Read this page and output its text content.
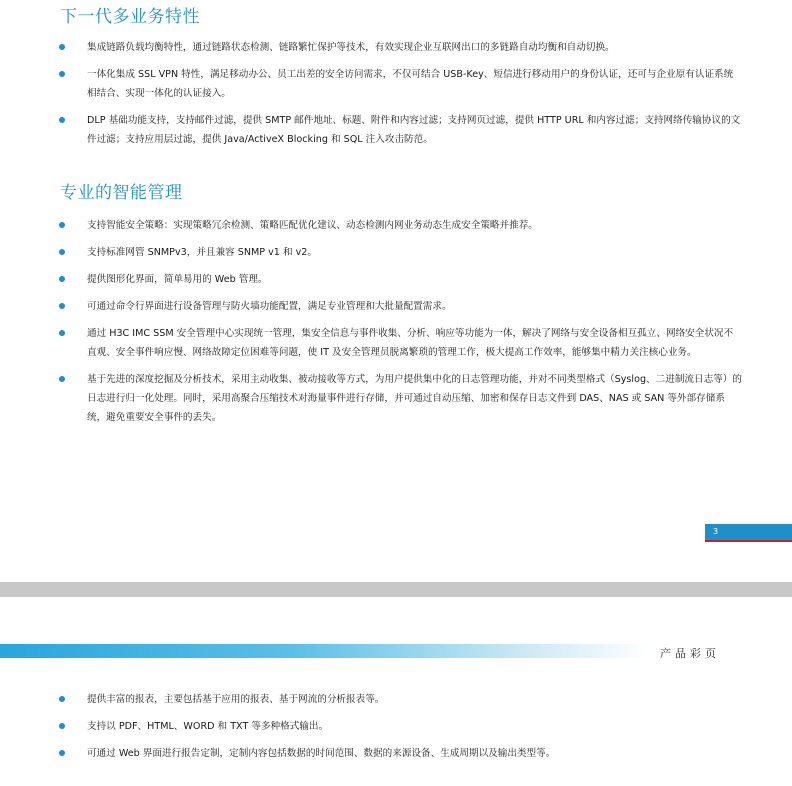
下一代多业务特性
集成链路负载均衡特性，通过链路状态检测、链路繁忙保护等技术，有效实现企业互联网出口的多链路自动均衡和自动切换。
一体化集成 SSL VPN 特性，满足移动办公、员工出差的安全访问需求，不仅可结合 USB-Key、短信进行移动用户的身份认证，还可与企业原有认证系统相结合、实现一体化的认证接入。
DLP 基础功能支持，支持邮件过滤，提供 SMTP 邮件地址、标题、附件和内容过滤；支持网页过滤，提供 HTTP URL 和内容过滤；支持网络传输协议的文件过滤；支持应用层过滤，提供 Java/ActiveX Blocking 和 SQL 注入攻击防范。
专业的智能管理
支持智能安全策略：实现策略冗余检测、策略匹配优化建议、动态检测内网业务动态生成安全策略并推荐。
支持标准网管 SNMPv3，并且兼容 SNMP v1 和 v2。
提供图形化界面，简单易用的 Web 管理。
可通过命令行界面进行设备管理与防火墙功能配置，满足专业管理和大批量配置需求。
通过 H3C IMC SSM 安全管理中心实现统一管理，集安全信息与事件收集、分析、响应等功能为一体，解决了网络与安全设备相互孤立、网络安全状况不直观、安全事件响应慢、网络故障定位困难等问题，使 IT 及安全管理员脱离繁琐的管理工作，极大提高工作效率，能够集中精力关注核心业务。
基于先进的深度挖掘及分析技术，采用主动收集、被动接收等方式，为用户提供集中化的日志管理功能，并对不同类型格式（Syslog、二进制流日志等）的日志进行归一化处理。同时，采用高聚合压缩技术对海量事件进行存储，并可通过自动压缩、加密和保存日志文件到 DAS、NAS 或 SAN 等外部存储系统，避免重要安全事件的丢失。
3
产品彩页
提供丰富的报表，主要包括基于应用的报表、基于网流的分析报表等。
支持以 PDF、HTML、WORD 和 TXT 等多种格式输出。
可通过 Web 界面进行报告定制，定制内容包括数据的时间范围、数据的来源设备、生成周期以及输出类型等。
